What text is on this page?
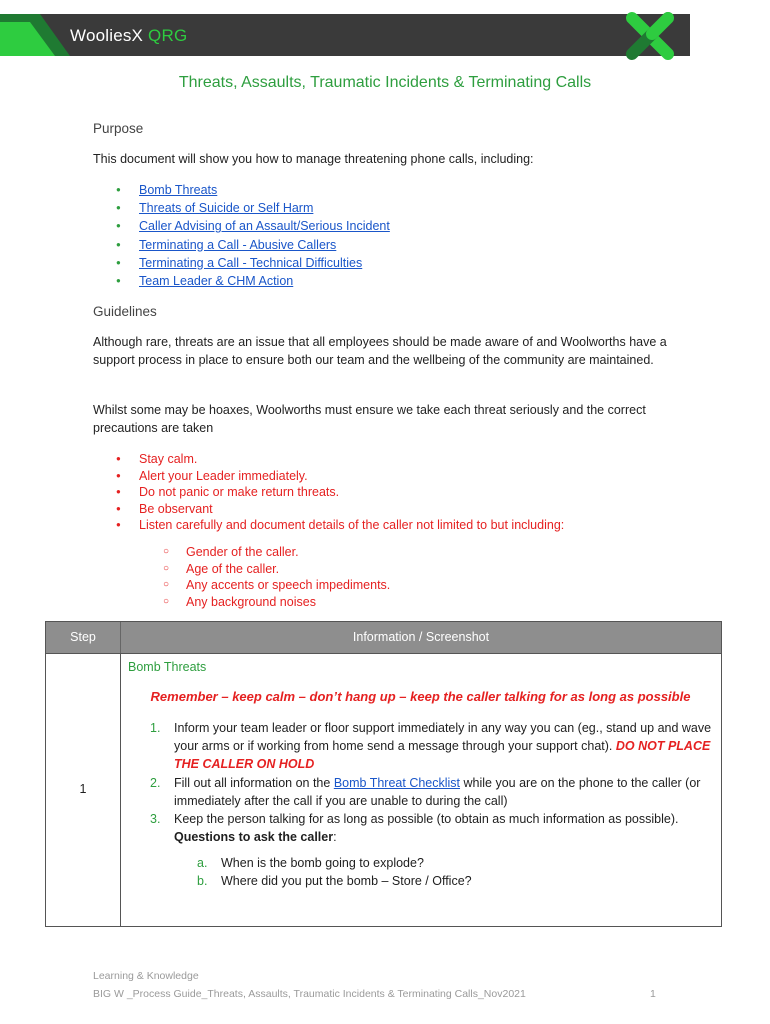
WooliesX QRG
Threats, Assaults, Traumatic Incidents & Terminating Calls
Purpose
This document will show you how to manage threatening phone calls, including:
● Bomb Threats
● Threats of Suicide or Self Harm
● Caller Advising of an Assault/Serious Incident
● Terminating a Call - Abusive Callers
● Terminating a Call - Technical Difficulties
● Team Leader & CHM Action
Guidelines
Although rare, threats are an issue that all employees should be made aware of and Woolworths have a support process in place to ensure both our team and the wellbeing of the community are maintained.
Whilst some may be hoaxes, Woolworths must ensure we take each threat seriously and the correct precautions are taken
● Stay calm.
● Alert your Leader immediately.
● Do not panic or make return threats.
● Be observant
● Listen carefully and document details of the caller not limited to but including:
○ Gender of the caller.
○ Age of the caller.
○ Any accents or speech impediments.
○ Any background noises
Step	Information / Screenshot
1
Bomb Threats
Remember – keep calm – don’t hang up – keep the caller talking for as long as possible
1. Inform your team leader or floor support immediately in any way you can (eg., stand up and wave your arms or if working from home send a message through your support chat). DO NOT PLACE THE CALLER ON HOLD
2. Fill out all information on the Bomb Threat Checklist while you are on the phone to the caller (or immediately after the call if you are unable to during the call)
3. Keep the person talking for as long as possible (to obtain as much information as possible). Questions to ask the caller:
a. When is the bomb going to explode?
b. Where did you put the bomb – Store / Office?
Learning & Knowledge
BIG W _Process Guide_Threats, Assaults, Traumatic Incidents & Terminating Calls_Nov2021	1
